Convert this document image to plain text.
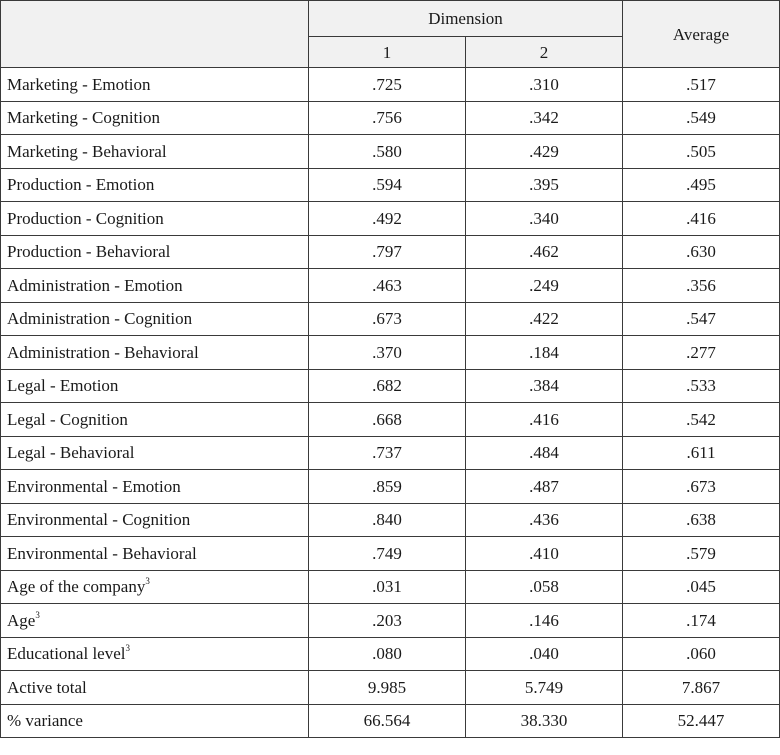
	Dimension		Average
	1	2	
Marketing - Emotion	.725	.310	.517
Marketing - Cognition	.756	.342	.549
Marketing - Behavioral	.580	.429	.505
Production - Emotion	.594	.395	.495
Production - Cognition	.492	.340	.416
Production - Behavioral	.797	.462	.630
Administration - Emotion	.463	.249	.356
Administration - Cognition	.673	.422	.547
Administration - Behavioral	.370	.184	.277
Legal - Emotion	.682	.384	.533
Legal - Cognition	.668	.416	.542
Legal - Behavioral	.737	.484	.611
Environmental - Emotion	.859	.487	.673
Environmental - Cognition	.840	.436	.638
Environmental - Behavioral	.749	.410	.579
Age of the company$^3$	.031	.058	.045
Age$^3$	.203	.146	.174
Educational level$^3$	.080	.040	.060
Active total	9.985	5.749	7.867
% variance	66.564	38.330	52.447
